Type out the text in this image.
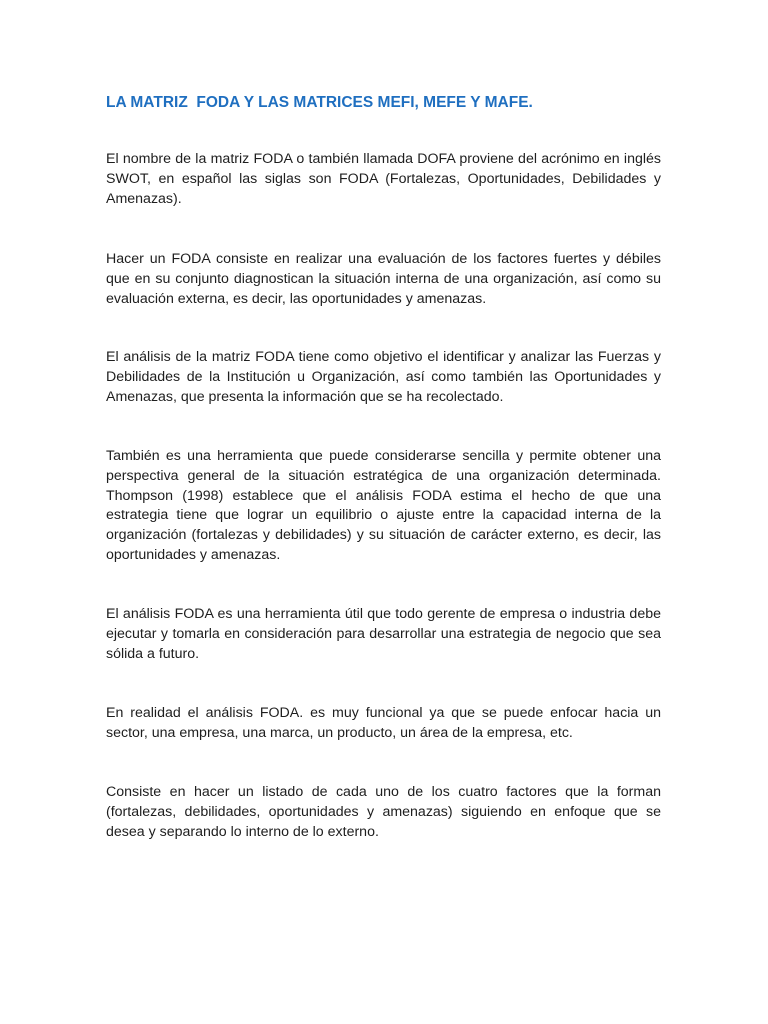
LA MATRIZ  FODA Y LAS MATRICES MEFI, MEFE Y MAFE.

El nombre de la matriz FODA o también llamada DOFA proviene del acrónimo en inglés SWOT, en español las siglas son FODA (Fortalezas, Oportunidades, Debilidades y Amenazas).

Hacer un FODA consiste en realizar una evaluación de los factores fuertes y débiles que en su conjunto diagnostican la situación interna de una organización, así como su evaluación externa, es decir, las oportunidades y amenazas.

El análisis de la matriz FODA tiene como objetivo el identificar y analizar las Fuerzas y Debilidades de la Institución u Organización, así como también las Oportunidades y Amenazas, que presenta la información que se ha recolectado.

También es una herramienta que puede considerarse sencilla y permite obtener una perspectiva general de la situación estratégica de una organización determinada. Thompson (1998) establece que el análisis FODA estima el hecho de que una estrategia tiene que lograr un equilibrio o ajuste entre la capacidad interna de la organización (fortalezas y debilidades) y su situación de carácter externo, es decir, las oportunidades y amenazas.

El análisis FODA es una herramienta útil que todo gerente de empresa o industria debe ejecutar y tomarla en consideración para desarrollar una estrategia de negocio que sea sólida a futuro.

En realidad el análisis FODA. es muy funcional ya que se puede enfocar hacia un sector, una empresa, una marca, un producto, un área de la empresa, etc.

Consiste en hacer un listado de cada uno de los cuatro factores que la forman (fortalezas, debilidades, oportunidades y amenazas) siguiendo en enfoque que se desea y separando lo interno de lo externo.
